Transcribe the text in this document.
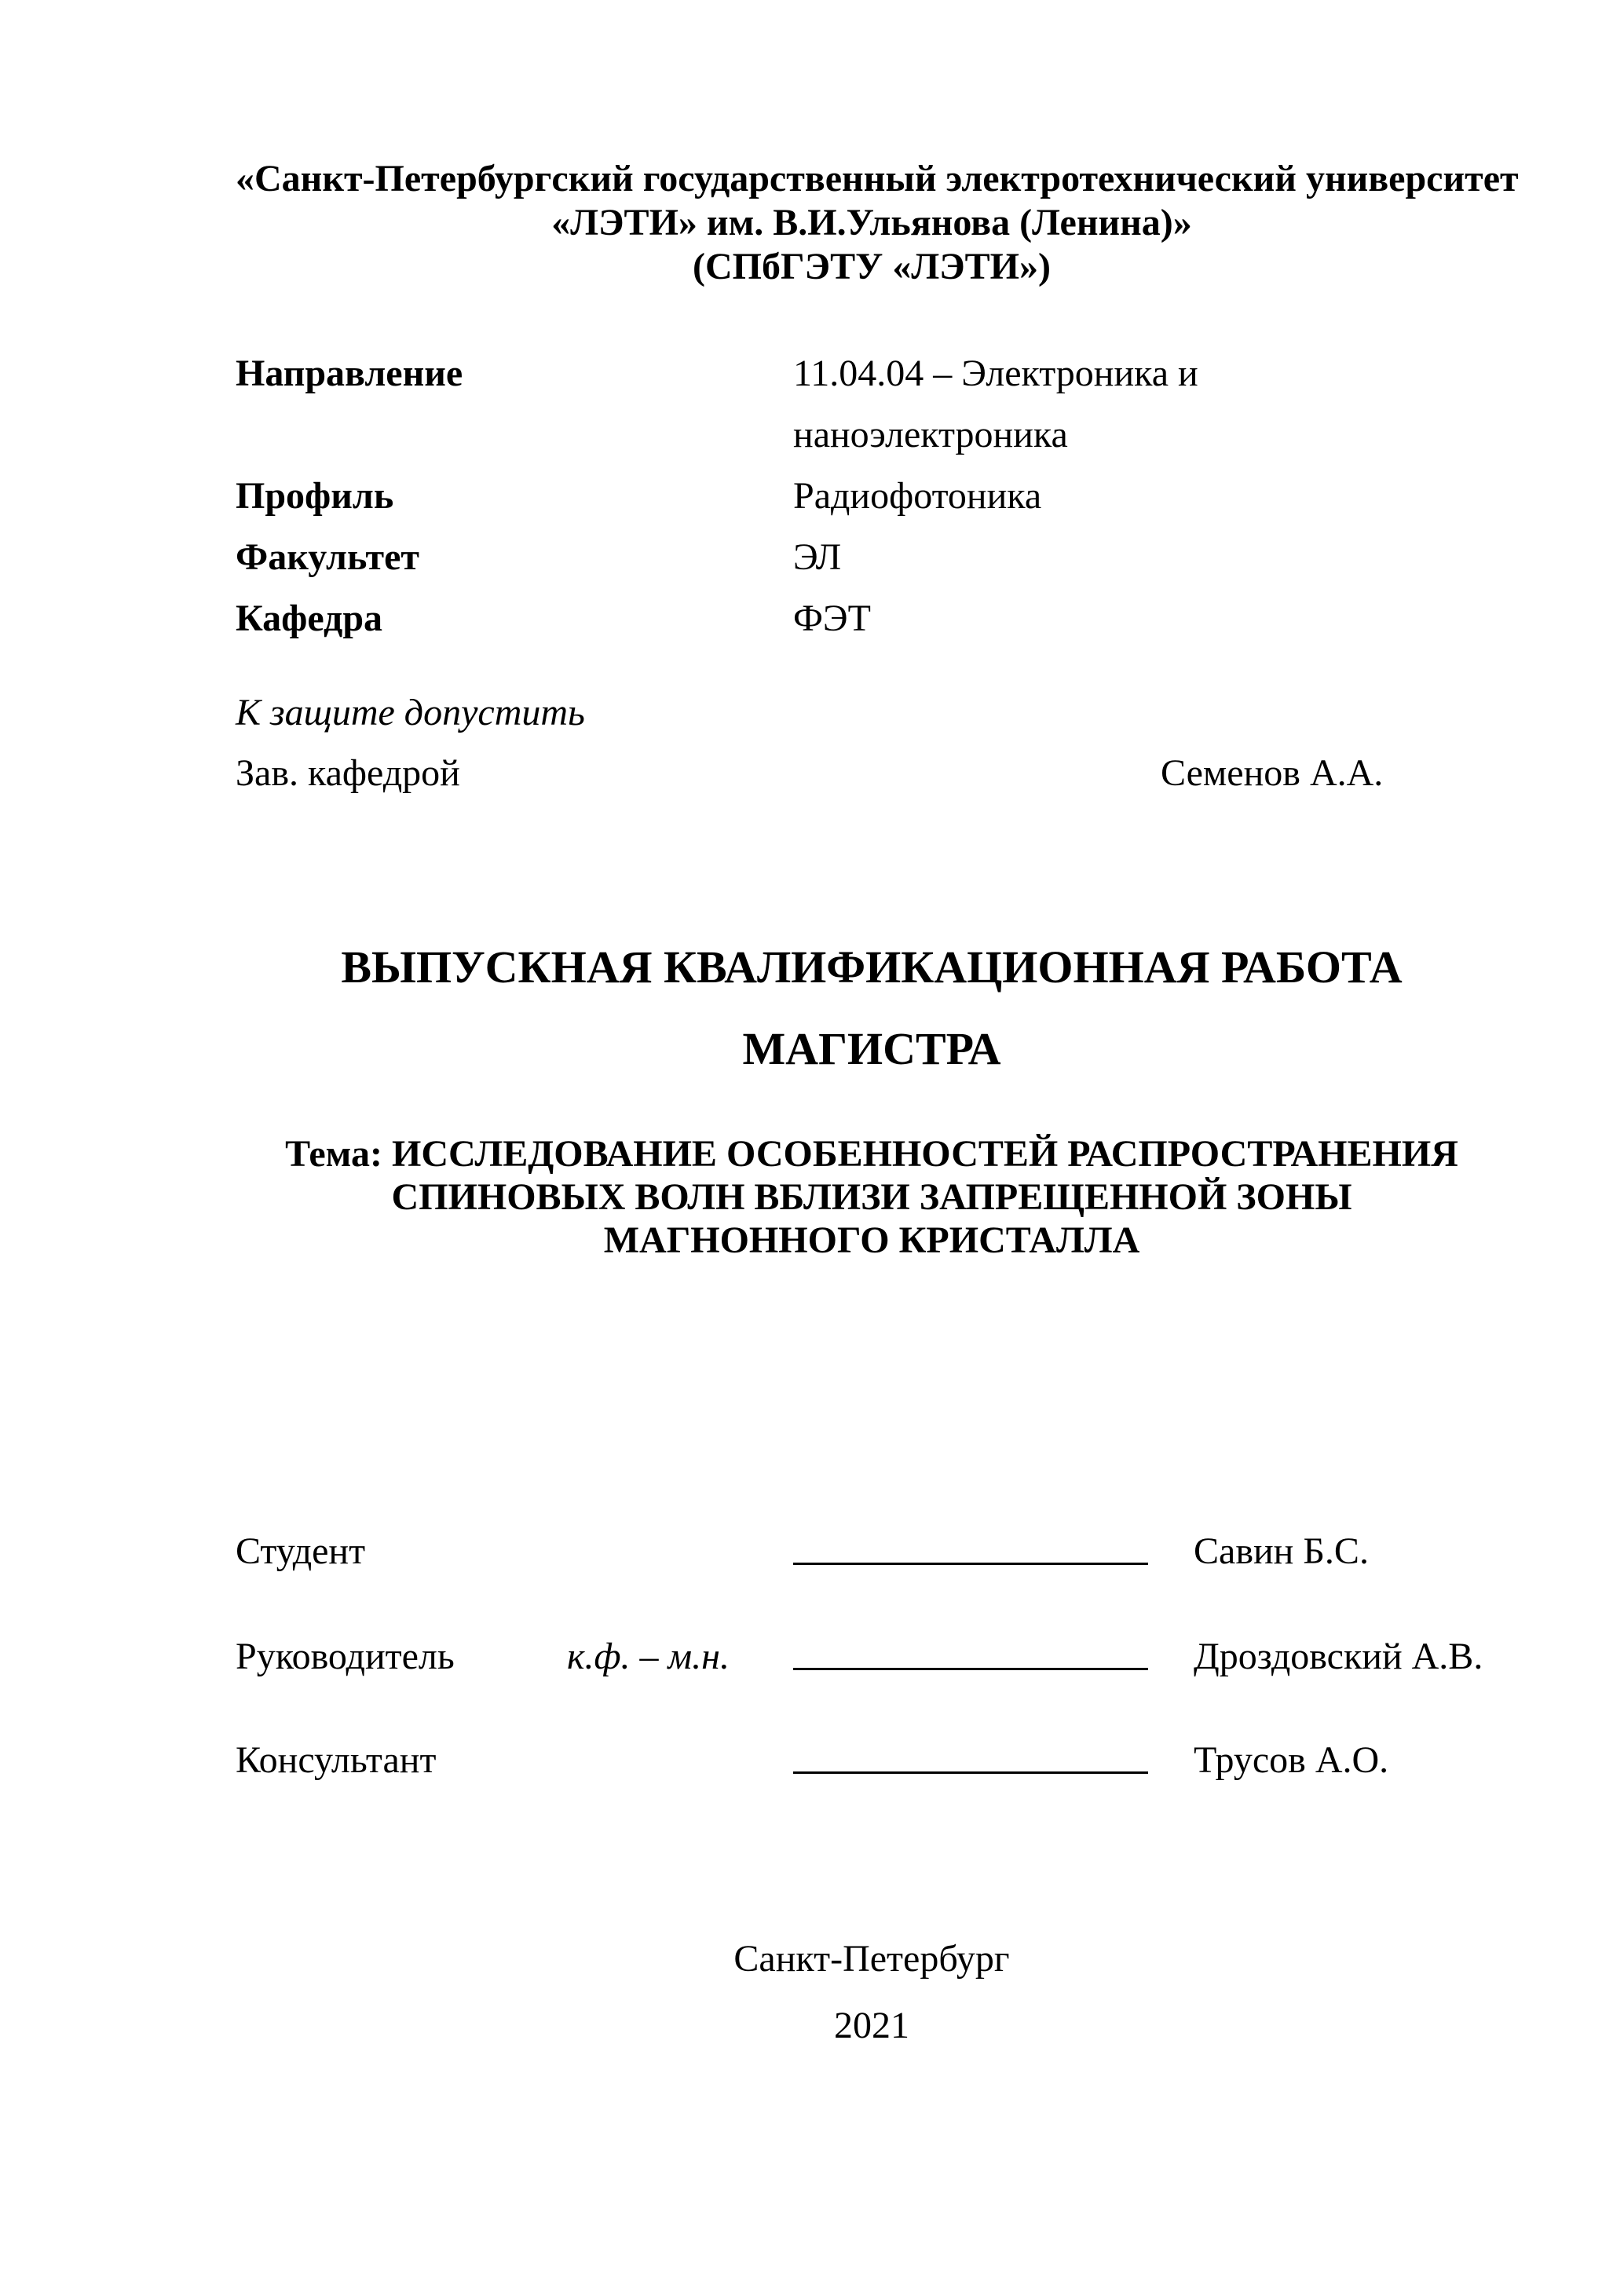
«Санкт-Петербургский государственный электротехнический университет
«ЛЭТИ» им. В.И.Ульянова (Ленина)»
(СПбГЭТУ «ЛЭТИ»)
Направление	11.04.04 – Электроника и наноэлектроника
Профиль	Радиофотоника
Факультет	ЭЛ
Кафедра	ФЭТ
К защите допустить
Зав. кафедрой	Семенов А.А.
ВЫПУСКНАЯ КВАЛИФИКАЦИОННАЯ РАБОТА
МАГИСТРА
Тема: ИССЛЕДОВАНИЕ ОСОБЕННОСТЕЙ РАСПРОСТРАНЕНИЯ
СПИНОВЫХ ВОЛН ВБЛИЗИ ЗАПРЕЩЕННОЙ ЗОНЫ
МАГНОННОГО КРИСТАЛЛА
Студент	Савин Б.С.
Руководитель	к.ф. – м.н.	Дроздовский А.В.
Консультант	Трусов А.О.
Санкт-Петербург
2021
